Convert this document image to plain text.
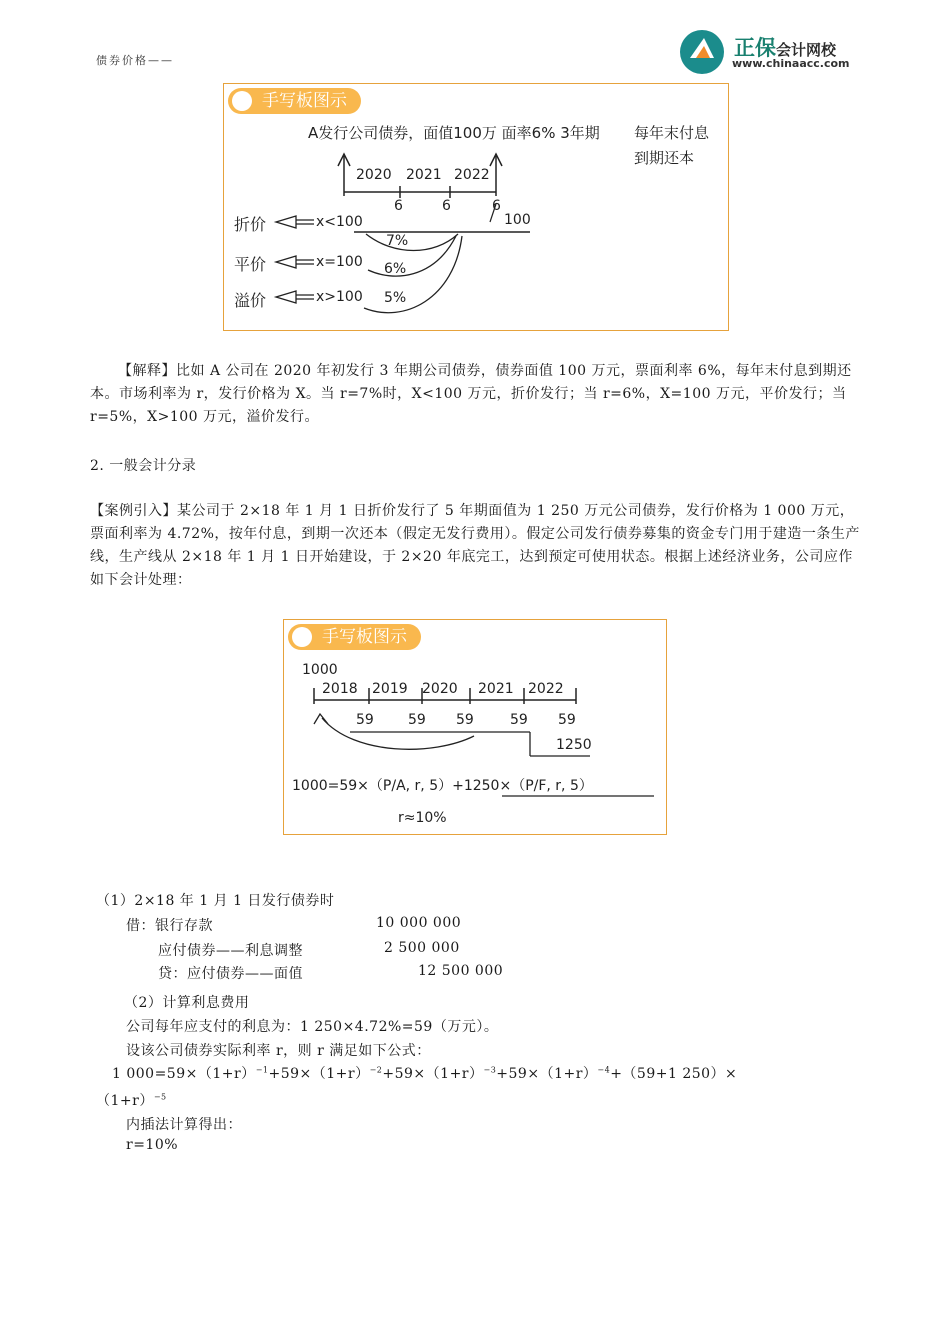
债券价格——
正保会计网校
www.chinaacc.com
手写板图示
A发行公司债券，面值100万 面率6% 3年期 每年末付息
到期还本
2020 2021 2022
6	6	6
100
折价	x<100
7%
平价	x=100 6%
溢价	x>100 5%
【解释】比如 A 公司在 2020 年初发行 3 年期公司债券，债券面值 100 万元，票面利率 6%，每年末付息到期还本。市场利率为 r，发行价格为 X。当 r=7%时，X<100 万元，折价发行；当 r=6%，X=100 万元，平价发行；当 r=5%，X>100 万元，溢价发行。
2. 一般会计分录
【案例引入】某公司于 2×18 年 1 月 1 日折价发行了 5 年期面值为 1 250 万元公司债券，发行价格为 1 000 万元，票面利率为 4.72%，按年付息，到期一次还本（假定无发行费用）。假定公司发行债券募集的资金专门用于建造一条生产线，生产线从 2×18 年 1 月 1 日开始建设，于 2×20 年底完工，达到预定可使用状态。根据上述经济业务，公司应作如下会计处理：
手写板图示
1000
2018 2019 2020 2021 2022
59 59 59	59 59
1250
1000=59×（P/A, r, 5）+1250×（P/F, r, 5）
r≈10%
（1）2×18 年 1 月 1 日发行债券时
借：银行存款	10 000 000
应付债券——利息调整	2 500 000
贷：应付债券——面值	12 500 000
（2）计算利息费用
公司每年应支付的利息为：1 250×4.72%=59（万元）。
设该公司债券实际利率 r，则 r 满足如下公式：
1 $000=59\times(1+r)^{-1}+59\times(1+r)^{-2}+59\times(1+r)^{-3}+59\times(1+r)^{-4}+(59+1$ 250）×
$(1+r)^{-5}$
内插法计算得出：
r=10%
